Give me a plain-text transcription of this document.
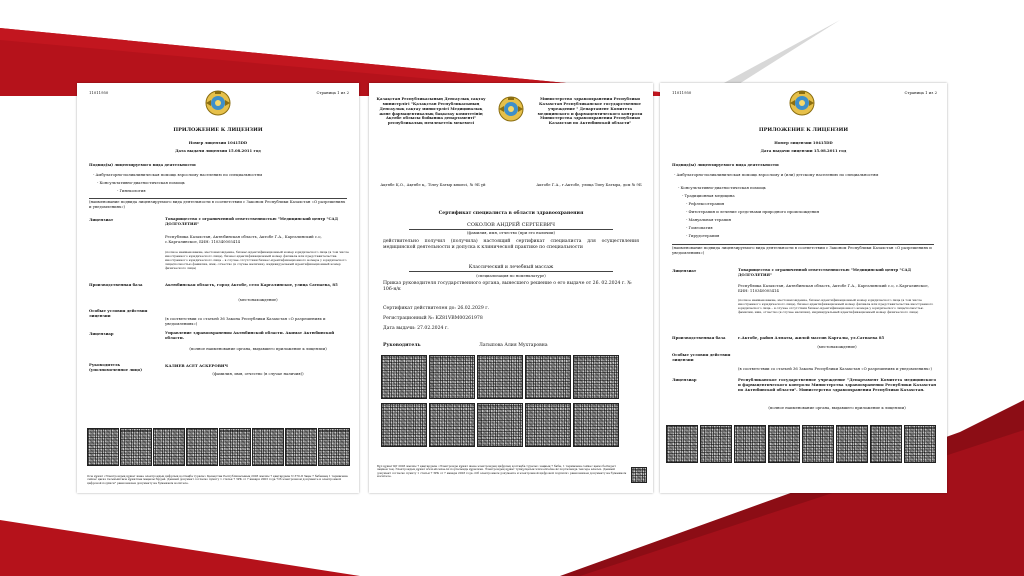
11011950	Страница 1 из 2
ПРИЛОЖЕНИЕ К ЛИЦЕНЗИИ
Номер лицензии 10415DD
Дата выдачи лицензии 15.08.2011 год
Подвид(ы) лицензируемого вида деятельности:
- Амбулаторно-поликлиническая помощь взрослому населению по специальностям
- Консультативно-диагностическая помощь
- Гинекология
(наименование подвида лицензируемого вида деятельности в соответствии с Законом Республики Казахстан «О разрешениях и уведомлениях»)
Лицензиат	Товарищество с ограниченной ответственностью "Медицинский центр "САД ДОЛГОЛЕТИЯ"
Республика Казахстан, Актюбинская область, Актобе Г.А., Каргалинский с.о, с.Каргалинское, БИН: 110340005414
(полное наименование, местонахождение, бизнес-идентификационный номер юридического лица (в том числе иностранного юридического лица), бизнес-идентификационный номер филиала или представительства иностранного юридического лица – в случае отсутствия бизнес-идентификационного номера у юридического лица/полностью фамилия, имя, отчество (в случае наличия), индивидуальный идентификационный номер физического лица)
Производственная база	Актюбинская область, город Актобе, село Каргалинское, улица Сатпаева, 85
(местонахождение)
Особые условия действия лицензии
(в соответствии со статьей 36 Закона Республики Казахстан «О разрешениях и уведомлениях»)
Лицензиар	Управление здравоохранения Актюбинской области. Акимат Актюбинской области.
(полное наименование органа, выдавшего приложение к лицензии)
Руководитель (уполномоченное лицо)
КАЛИЕВ АСЕТ АСКЕРОВИЧ
(фамилия, имя, отчество (в случае наличия))
Осы құжат «Электрондық құжат және электрондық цифрлық қолтаңба туралы» Қазақстан Республикасының 2003 жылғы 7 қаңтардағы N 370-II Заңы 7 бабының 1 тармағына сәйкес қағаз тасығыштағы құжатпен маңызы бірдей. Данный документ согласно пункту 1 статьи 7 ЗРК от 7 января 2003 года "Об электронном документе и электронной цифровой подписи" равнозначен документу на бумажном носителе.
Қазақстан Республикасының Денсаулық сақтау министрлігі "Қазақстан Республикасының Денсаулық сақтау министрлігі Медициналық және фармацевтикалық бақылау комитетінің Ақтөбе облысы бойынша департаменті" республикалық мемлекеттік мекемесі
Министерство здравоохранения Республики Казахстан Республиканское государственное учреждение " Департамент Комитета медицинского и фармацевтического контроля Министерства здравоохранения Республики Казахстан по Актюбинской области"
Ақтөбе Қ.О., Ақтөбе қ., Тілеу Батыр көшесі, № 9Б үй	Актобе Г.А., г.Актобе, улица Тиеу Батыра, дом № 9Б
Сертификат специалиста в области здравоохранения
СОКОЛОВ АНДРЕЙ СЕРГЕЕВИЧ
(фамилия, имя, отчество (при его наличии)
действительно получил (получила) настоящий сертификат специалиста для осуществления медицинской деятельности и допуска к клинической практике по специальности
Классический и лечебный массаж
(специализация по номенклатуре)
Приказ руководителя государственного органа, вынесшего решение о его выдаче от 26. 02.2024 г. № 106-н/к
Сертификат действителен до: 26.02.2029 г.
Регистрационный №: KZ81VBM00261978
Дата выдачи: 27.02.2024 г.
Руководитель	Латыпова Алия Мухтаровна
Бұл құжат ҚР 2003 жылғы 7 қаңтардағы «Электронды құжат және электрондық цифрлық қолтаңба туралы» заңның 7 бабы, 1 тармағына сәйкес қағаз бетіндегі заңмен тең. Электрондық құжат www.elicense.kz порталында құрылған. Электрондық құжат түпнұсқасын www.elicense.kz порталында тексере аласыз. Данный документ согласно пункту 1 статьи 7 ЗРК от 7 января 2003 года «Об электронном документе и электронной цифровой подписи» равнозначен документу на бумажном носителе.
11011950	Страница 1 из 2
ПРИЛОЖЕНИЕ К ЛИЦЕНЗИИ
Номер лицензии 10415DD
Дата выдачи лицензии 15.08.2011 год
Подвид(ы) лицензируемого вида деятельности:
- Амбулаторно-поликлиническая помощь взрослому и (или) детскому населению по специальностям
- Консультативно-диагностическая помощь
- Традиционная медицина
- Рефлексотерапия
- Фитотерапия и лечение средствами природного происхождения
- Мануальная терапия
- Гомеопатия
- Гирудотерапия
(наименование подвида лицензируемого вида деятельности в соответствии с Законом Республики Казахстан «О разрешениях и уведомлениях»)
Лицензиат	Товарищество с ограниченной ответственностью "Медицинский центр "САД ДОЛГОЛЕТИЯ"
Республика Казахстан, Актюбинская область, Актобе Г.А., Каргалинский с.о, с.Каргалинское, БИН: 110340005414
(полное наименование, местонахождение, бизнес-идентификационный номер юридического лица (в том числе иностранного юридического лица), бизнес-идентификационный номер филиала или представительства иностранного юридического лица – в случае отсутствия бизнес-идентификационного номера у юридического лица/полностью фамилия, имя, отчество (в случае наличия), индивидуальный идентификационный номер физического лица)
Производственная база	г.Актобе, район Алматы, жилой массив Каргалы, ул.Сатпаева 85
(местонахождение)
Особые условия действия лицензии
(в соответствии со статьей 36 Закона Республики Казахстан «О разрешениях и уведомлениях»)
Лицензиар	Республиканское государственное учреждение "Департамент Комитета медицинского и фармацевтического контроля Министерства здравоохранения Республики Казахстан по Актюбинской области". Министерство здравоохранения Республики Казахстан.
(полное наименование органа, выдавшего приложение к лицензии)
